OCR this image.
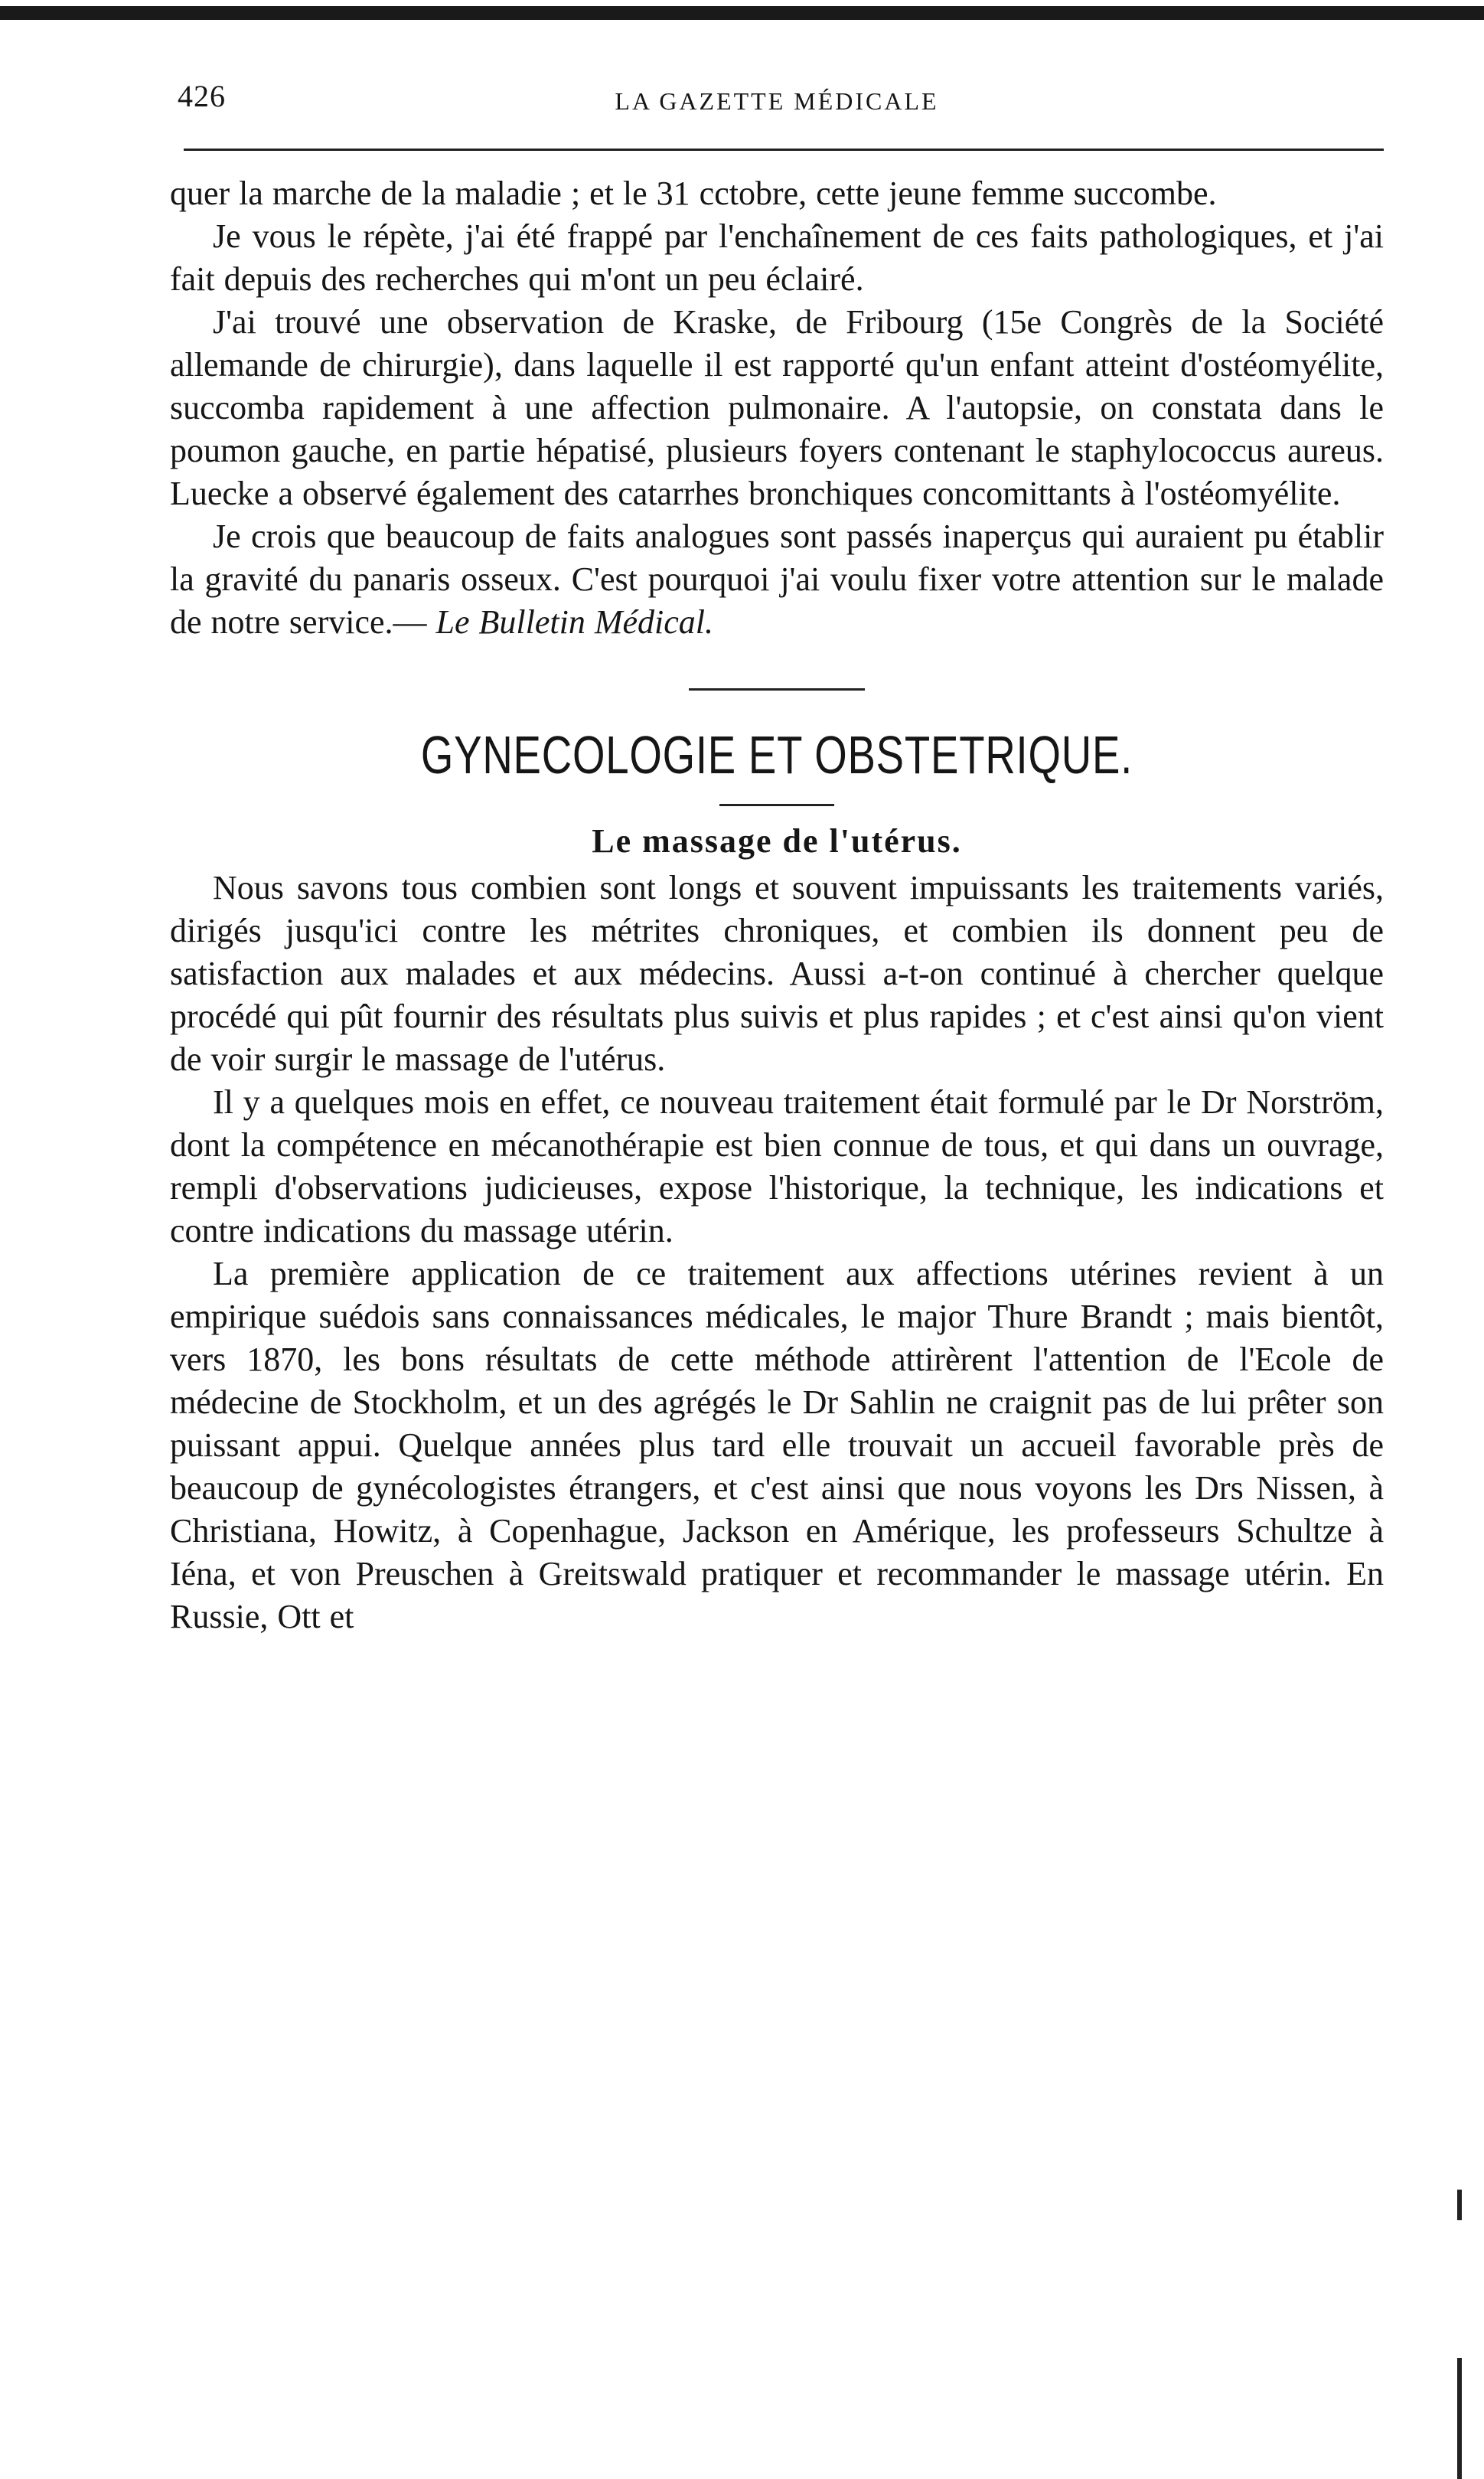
426	LA GAZETTE MÉDICALE

quer la marche de la maladie ; et le 31 cctobre, cette jeune femme succombe.

Je vous le répète, j'ai été frappé par l'enchaînement de ces faits pathologiques, et j'ai fait depuis des recherches qui m'ont un peu éclairé.

J'ai trouvé une observation de Kraske, de Fribourg (15e Congrès de la Société allemande de chirurgie), dans laquelle il est rapporté qu'un enfant atteint d'ostéomyélite, succomba rapidement à une affection pulmonaire. A l'autopsie, on constata dans le poumon gauche, en partie hépatisé, plusieurs foyers contenant le staphylococcus aureus. Luecke a observé également des catarrhes bronchiques concomittants à l'ostéomyélite.

Je crois que beaucoup de faits analogues sont passés inaperçus qui auraient pu établir la gravité du panaris osseux. C'est pourquoi j'ai voulu fixer votre attention sur le malade de notre service.— Le Bulletin Médical.

GYNECOLOGIE ET OBSTETRIQUE.
Le massage de l'utérus.

Nous savons tous combien sont longs et souvent impuissants les traitements variés, dirigés jusqu'ici contre les métrites chroniques, et combien ils donnent peu de satisfaction aux malades et aux médecins. Aussi a-t-on continué à chercher quelque procédé qui pût fournir des résultats plus suivis et plus rapides ; et c'est ainsi qu'on vient de voir surgir le massage de l'utérus.

Il y a quelques mois en effet, ce nouveau traitement était formulé par le Dr Norström, dont la compétence en mécanothérapie est bien connue de tous, et qui dans un ouvrage, rempli d'observations judicieuses, expose l'historique, la technique, les indications et contre indications du massage utérin.

La première application de ce traitement aux affections utérines revient à un empirique suédois sans connaissances médicales, le major Thure Brandt ; mais bientôt, vers 1870, les bons résultats de cette méthode attirèrent l'attention de l'Ecole de médecine de Stockholm, et un des agrégés le Dr Sahlin ne craignit pas de lui prêter son puissant appui. Quelque années plus tard elle trouvait un accueil favorable près de beaucoup de gynécologistes étrangers, et c'est ainsi que nous voyons les Drs Nissen, à Christiana, Howitz, à Copenhague, Jackson en Amérique, les professeurs Schultze à Iéna, et von Preuschen à Greitswald pratiquer et recommander le massage utérin. En Russie, Ott et
